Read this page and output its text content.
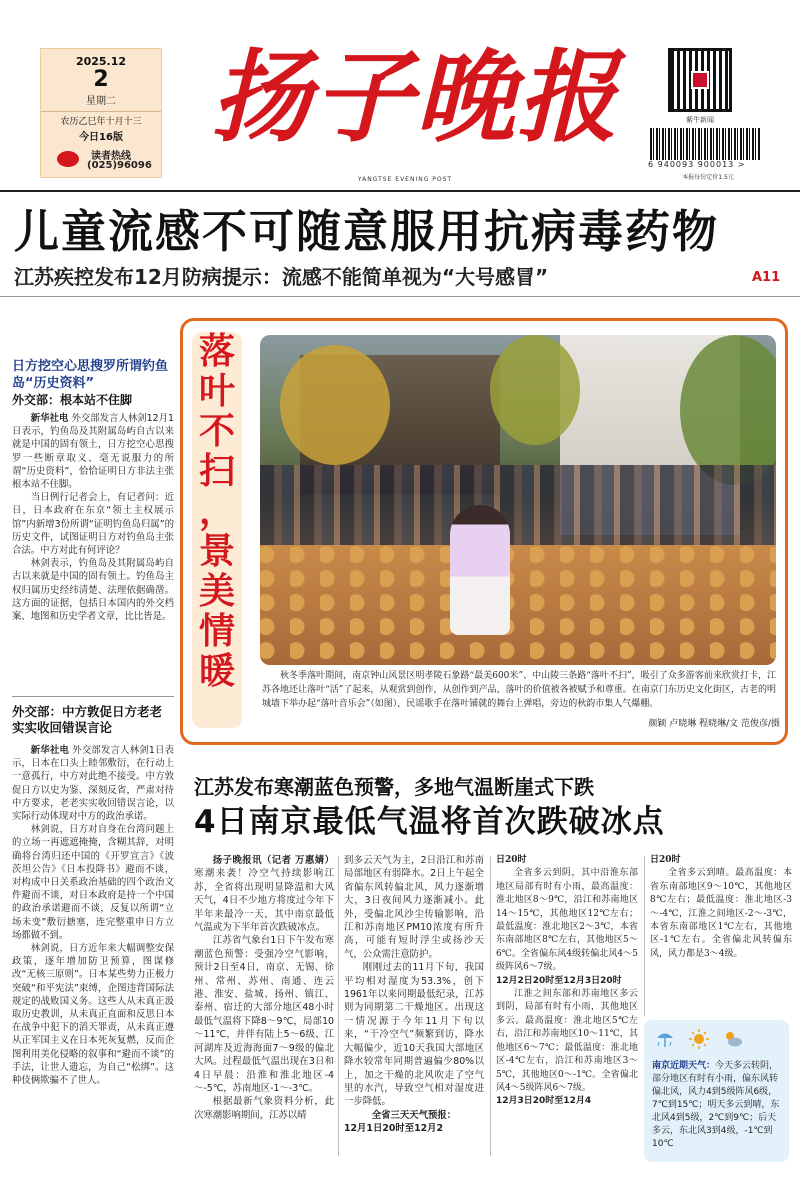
2025.12
2
星期二
农历乙巳年十月十三
今日16版
读者热线
(025)96096
扬子晚报
YANGTSE EVENING POST
紫牛新闻
6 940093 900013 >
本报每份定价1.5元
儿童流感不可随意服用抗病毒药物
江苏疾控发布12月防病提示：流感不能简单视为“大号感冒”	A11
日方挖空心思搜罗所谓钓鱼岛“历史资料”
外交部：根本站不住脚

新华社电 外交部发言人林剑12月1日表示，钓鱼岛及其附属岛屿自古以来就是中国的固有领土，日方挖空心思搜罗一些断章取义、毫无说服力的所谓“历史资料”，恰恰证明日方非法主张根本站不住脚。

当日例行记者会上，有记者问：近日，日本政府在东京“领土主权展示馆”内新增3份所谓“证明钓鱼岛归属”的历史文件，试图证明日方对钓鱼岛主张合法。中方对此有何评论？

林剑表示，钓鱼岛及其附属岛屿自古以来就是中国的固有领土。钓鱼岛主权归属历史经纬清楚、法理依据确凿。这方面的证据，包括日本国内的外交档案、地图和历史学者文章，比比皆是。

外交部：中方敦促日方老老实实收回错误言论

新华社电 外交部发言人林剑1日表示，日本在口头上睦邻敷衍，在行动上一意孤行，中方对此绝不接受。中方敦促日方以史为鉴、深刻反省，严肃对待中方要求，老老实实收回错误言论，以实际行动体现对中方的政治承诺。

林剑说，日方对自身在台湾问题上的立场一再遮遮掩掩，含糊其辞，对明确将台湾归还中国的《开罗宣言》《波茨坦公告》《日本投降书》避而不谈，对构成中日关系政治基础的四个政治文件避而不谈，对日本政府是持一个中国的政治承诺避而不谈，反复以所谓“立场未变”敷衍搪塞，连完整重申日方立场都做不到。

林剑说，日方近年来大幅调整安保政策，逐年增加防卫预算，图谋修改“无核三原则”。日本某些势力正极力突破“和平宪法”束缚，企图违背国际法规定的战败国义务。这些人从未真正汲取历史教训，从未真正直面和反思日本在战争中犯下的滔天罪责，从未真正遵从正军国主义在日本死灰复燃，反而企图利用美化侵略的叙事和“避而不谈”的手法，让世人遗忘，为自己“松绑”。这种伎俩欺骗不了世人。

落
叶
不
扫
，
景
美
情
暖	秋冬季落叶期间，南京钟山风景区明孝陵石象路“最美600米”、中山陵三条路“落叶不扫”，吸引了众多游客前来欣赏打卡，江苏各地还让落叶“活”了起来，从观赏到创作，从创作到产品，落叶的价值被各被赋予和尊重。在南京门东历史文化街区，古老的明城墙下举办起“落叶音乐会”（如图），民谣歌手在落叶铺就的舞台上弹唱，旁边的秋韵市集人气爆棚。
颜颖 卢晓琳 程晓琳/文 范俊彦/摄
江苏发布寒潮蓝色预警，多地气温断崖式下跌
4日南京最低气温将首次跌破冰点

扬子晚报讯（记者 万惠婧）寒潮来袭！冷空气持续影响江苏，全省将出现明显降温和大风天气，4日不少地方将度过今年下半年来最冷一天，其中南京最低气温或为下半年首次跌破冰点。

江苏省气象台1日下午发布寒潮蓝色预警：受强冷空气影响，预计2日至4日，南京、无锡、徐州、常州、苏州、南通、连云港、淮安、盐城、扬州、镇江、泰州、宿迁的大部分地区48小时最低气温将下降8～9℃，局部10～11℃，并伴有陆上5～6级、江河湖库及近海海面7～9级的偏北大风。过程最低气温出现在3日和4日早晨：沿淮和淮北地区-4～-5℃，苏南地区-1～-3℃。

根据最新气象资料分析，此次寒潮影响期间，江苏以晴

到多云天气为主，2日沿江和苏南局部地区有弱降水。2日上午起全省偏东风转偏北风，风力逐渐增大，3日夜间风力逐渐减小。此外，受偏北风沙尘传输影响，沿江和苏南地区PM10浓度有所升高，可能有短时浮尘或扬沙天气，公众需注意防护。

刚刚过去的11月下旬，我国平均相对湿度为53.3%，创下1961年以来同期最低纪录，江苏则为同期第二干燥地区。出现这一情况源于今年11月下旬以来，“干冷空气”频繁到访，降水大幅偏少，近10天我国大部地区降水较常年同期普遍偏少80%以上，加之干燥的北风吹走了空气里的水汽，导致空气相对湿度进一步降低。

全省三天天气预报：

12月1日20时至12月2

日20时

全省多云到阴，其中沿淮东部地区局部有时有小雨，最高温度：淮北地区8～9℃，沿江和苏南地区14～15℃，其他地区12℃左右；最低温度：淮北地区2～3℃，本省东南部地区8℃左右，其他地区5～6℃。全省偏东风4级转偏北风4～5级阵风6～7级。

12月2日20时至12月3日20时

江淮之间东部和苏南地区多云到阴，局部有时有小雨，其他地区多云。最高温度：淮北地区5℃左右，沿江和苏南地区10～11℃，其他地区6～7℃；最低温度：淮北地区-4℃左右，沿江和苏南地区3～5℃，其他地区0～-1℃。全省偏北风4～5级阵风6～7级。

12月3日20时至12月4

日20时

全省多云到晴。最高温度：本省东南部地区9～10℃，其他地区8℃左右；最低温度：淮北地区-3～-4℃，江淮之间地区-2～-3℃，本省东南部地区1℃左右，其他地区-1℃左右。全省偏北风转偏东风，风力都是3～4级。

南京近期天气：今天多云转阴，部分地区有时有小雨，偏东风转偏北风，风力4到5级阵风6级，7℃到15℃；明天多云到晴，东北风4到5级，2℃到9℃；后天多云，东北风3到4级，-1℃到10℃
